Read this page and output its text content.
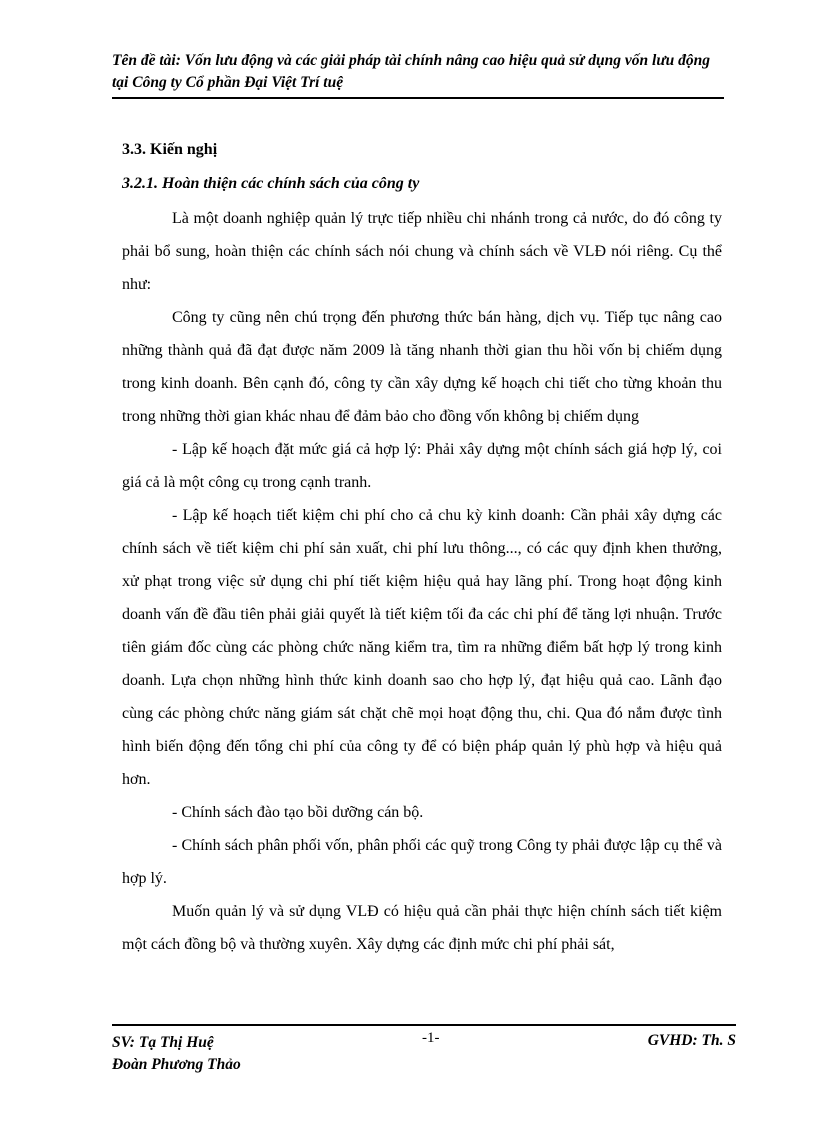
Tên đề tài: Vốn lưu động và các giải pháp tài chính nâng cao hiệu quả sử dụng vốn lưu động tại Công ty Cổ phần Đại Việt Trí tuệ

3.3. Kiến nghị

3.2.1. Hoàn thiện các chính sách của công ty

Là một doanh nghiệp quản lý trực tiếp nhiều chi nhánh trong cả nước, do đó công ty phải bổ sung, hoàn thiện các chính sách nói chung và chính sách về VLĐ nói riêng. Cụ thể như:

Công ty cũng nên chú trọng đến phương thức bán hàng, dịch vụ. Tiếp tục nâng cao những thành quả đã đạt được năm 2009 là tăng nhanh thời gian thu hồi vốn bị chiếm dụng trong kinh doanh. Bên cạnh đó, công ty cần xây dựng kế hoạch chi tiết cho từng khoản thu trong những thời gian khác nhau để đảm bảo cho đồng vốn không bị chiếm dụng

- Lập kế hoạch đặt mức giá cả hợp lý: Phải xây dựng một chính sách giá hợp lý, coi giá cả là một công cụ trong cạnh tranh.

- Lập kế hoạch tiết kiệm chi phí cho cả chu kỳ kinh doanh: Cần phải xây dựng các chính sách về tiết kiệm chi phí sản xuất, chi phí lưu thông..., có các quy định khen thưởng, xử phạt trong việc sử dụng chi phí tiết kiệm hiệu quả hay lãng phí. Trong hoạt động kinh doanh vấn đề đầu tiên phải giải quyết là tiết kiệm tối đa các chi phí để tăng lợi nhuận. Trước tiên giám đốc cùng các phòng chức năng kiểm tra, tìm ra những điểm bất hợp lý trong kinh doanh. Lựa chọn những hình thức kinh doanh sao cho hợp lý, đạt hiệu quả cao. Lãnh đạo cùng các phòng chức năng giám sát chặt chẽ mọi hoạt động thu, chi. Qua đó nắm được tình hình biến động đến tổng chi phí của công ty để có biện pháp quản lý phù hợp và hiệu quả hơn.

- Chính sách đào tạo bồi dưỡng cán bộ.

- Chính sách phân phối vốn, phân phối các quỹ trong Công ty phải được lập cụ thể và hợp lý.

Muốn quản lý và sử dụng VLĐ có hiệu quả cần phải thực hiện chính sách tiết kiệm một cách đồng bộ và thường xuyên. Xây dựng các định mức chi phí phải sát,

SV: Tạ Thị Huệ
Đoàn Phương Thảo
-1-	GVHD: Th. S
